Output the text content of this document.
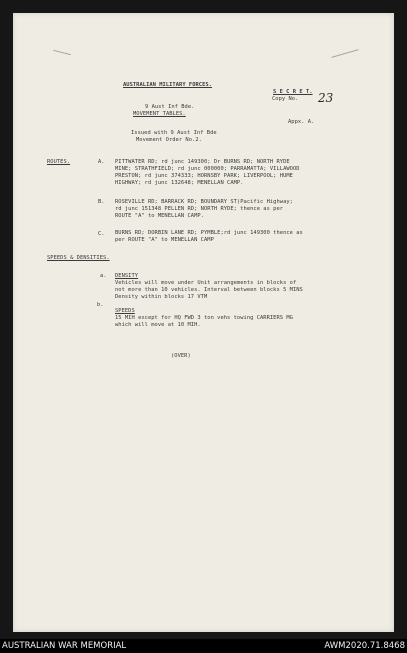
AUSTRALIAN MILITARY FORCES.
S E C R E T.
Copy No. 23
9 Aust Inf Bde.
MOVEMENT TABLES.
Appx. A.
Issued with 9 Aust Inf Bde
Movement Order No.2.
ROUTES.	A. PITTWATER RD; rd junc 149300; Dr BURNS RD; NORTH RYDE
MINE; STRATHFIELD; rd junc 000000; PARRAMATTA; VILLAWOOD
PRESTON; rd junc 374333; HORNSBY PARK; LIVERPOOL; HUME
HIGHWAY; rd junc 132648; MENELLAN CAMP.
B. ROSEVILLE RD; BARRACK RD; BOUNDARY ST(Pacific Highway;
rd junc 151348 PELLEN RD; NORTH RYDE; thence as per
ROUTE "A" to MENELLAN CAMP.
C. BURNS RD; DORBIN LANE RD; PYMBLE;rd junc 149300 thence as
per ROUTE "A" to MENELLAN CAMP
SPEEDS & DENSITIES.
a. DENSITY
Vehicles will move under Unit arrangements in blocks of
not more than 10 vehicles. Interval between blocks 5 MINS
Density within blocks 17 VTM
b.
SPEEDS
15 MIH except for HQ FWD 3 ton vehs towing CARRIERS MG
which will move at 10 MIH.
(OVER)
AUSTRALIAN WAR MEMORIAL	AWM2020.71.8468
